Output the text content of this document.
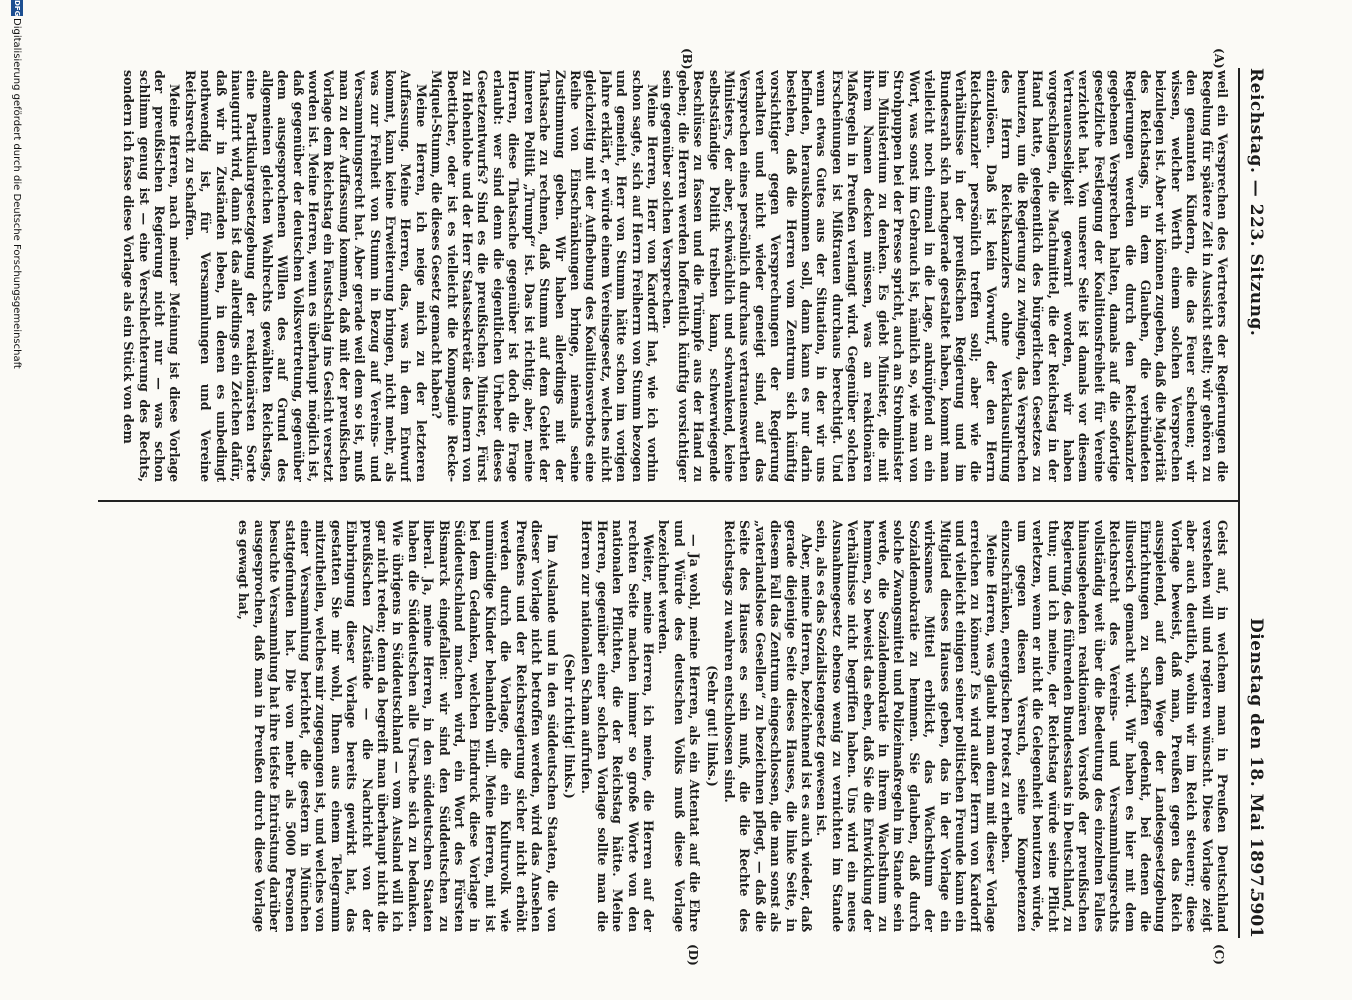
Reichstag. — 223. Sitzung.
Dienstag den 18. Mai 1897.
5901
(A)
(B)
(C)
(D)

weil ein Versprechen des Vertreters der Regierungen die Regelung für spätere Zeit in Aussicht stellt; wir gehören zu den genannten Kindern, die das Feuer scheuen; wir wissen, welcher Werth einem solchen Versprechen beizulegen ist. Aber wir können zugeben, daß die Majorität des Reichstags, in dem Glauben, die verbündeten Regierungen werden die durch den Reichskanzler gegebenen Versprechen halten, damals auf die sofortige gesetzliche Festlegung der Koalitionsfreiheit für Vereine verzichtet hat. Von unserer Seite ist damals vor diesem Vertrauensseligkeit gewarnt worden, wir haben vorgeschlagen, die Machtmittel, die der Reichstag in der Hand hatte, gelegentlich des bürgerlichen Gesetzes zu benutzen, um die Regierung zu zwingen, das Versprechen des Herrn Reichskanzlers ohne Verklausulirung einzulösen. Daß ist kein Vorwurf, der den Herrn Reichskanzler persönlich treffen soll; aber wie die Verhältnisse in der preußischen Regierung und im Bundesrath sich nachgerade gestaltet haben, kommt man vielleicht noch einmal in die Lage, anknüpfend an ein Wort, was sonst im Gebrauch ist, nämlich so, wie man von Strohpuppen bei der Presse spricht, auch an Strohminister im Ministerium zu denken. Es giebt Minister, die mit ihrem Namen decken müssen, was an reaktionären Maßregeln in Preußen verlangt wird. Gegenüber solchen Erscheinungen ist Mißtrauen durchaus berechtigt. Und wenn etwas Gutes aus der Situation, in der wir uns befinden, herauskommen soll, dann kann es nur darin bestehen, daß die Herren vom Zentrum sich künftig vorsichtiger gegen Versprechungen der Regierung verhalten und nicht wieder geneigt sind, auf das Versprechen eines persönlich durchaus vertrauenswerthen Ministers, der aber, schwächlich und schwankend, keine selbstständige Politik treiben kann, schwerwiegende Beschlüsse zu fassen und die Trümpfe aus der Hand zu geben; die Herren werden hoffentlich künftig vorsichtiger sein gegenüber solchen Versprechen.

Meine Herren, Herr von Kardorff hat, wie ich vorhin schon sagte, sich auf Herrn Freiherrn von Stumm bezogen und gemeint, Herr von Stumm hätte schon im vorigen Jahre erklärt, er würde einem Vereinsgesetz, welches nicht gleichzeitig mit der Aufhebung des Koalitionsverbots eine Reihe von Einschränkungen bringe, niemals seine Zustimmung geben. Wir haben allerdings mit der Thatsache zu rechnen, daß Stumm auf dem Gebiet der inneren Politik „Trumpf“ ist. Das ist richtig; aber, meine Herren, diese Thatsache gegenüber ist doch die Frage erlaubt: wer sind denn die eigentlichen Urheber dieses Gesetzentwurfs? Sind es die preußischen Minister, Fürst zu Hohenlohe und der Herr Staatssekretär des Innern von Boetticher, oder ist es vielleicht die Kompagnie Recke-Miquel-Stumm, die dieses Gesetz gemacht haben?

Meine Herren, ich neige mich zu der letzteren Auffassung. Meine Herren, das, was in dem Entwurf kommt, kann keine Erweiterung bringen, nicht mehr, als was zur Freiheit von Stumm in Bezug auf Vereins- und Versammlungsrecht hat. Aber gerade weil dem so ist, muß man zu der Auffassung kommen, daß mit der preußischen Vorlage dem Reichstag ein Faustschlag ins Gesicht versetzt worden ist. Meine Herren, wenn es überhaupt möglich ist, daß gegenüber der deutschen Volksvertretung, gegenüber dem ausgesprochenen Willen des auf Grund des allgemeinen gleichen Wahlrechts gewählten Reichstags, eine Partikulargesetzgebung der reaktionärsten Sorte inaugurirt wird, dann ist das allerdings ein Zeichen dafür, daß wir in Zuständen leben, in denen es unbedingt nothwendig ist, für Versammlungen und Vereine Reichsrecht zu schaffen.

Meine Herren, nach meiner Meinung ist diese Vorlage der preußischen Regierung nicht nur — was schon schlimm genug ist — eine Verschlechterung des Rechts, sondern ich fasse diese Vorlage als ein Stück von dem

Geist auf, in welchem man in Preußen Deutschland verstehen will und regieren wünscht. Diese Vorlage zeigt aber auch deutlich, wohin wir im Reich steuern; diese Vorlage beweist, daß man, Preußen gegen das Reich ausspielend, auf dem Wege der Landesgesetzgebung Einrichtungen zu schaffen gedenkt, bei denen die illusorisch gemacht wird. Wir haben es hier mit dem Reichsrecht des Vereins- und Versammlungsrechts vollständig weit über die Bedeutung des einzelnen Falles hinausgehenden reaktionären Vorstoß der preußischen Regierung, des führenden Bundesstaats in Deutschland, zu thun; und ich meine, der Reichstag würde seine Pflicht verletzen, wenn er nicht die Gelegenheit benutzen würde, um gegen diesen Versuch, seine Kompetenzen einzuschränken, energischen Protest zu erheben.

Meine Herren, was glaubt man denn mit dieser Vorlage erreichen zu können? Es wird außer Herrn von Kardorff und vielleicht einigen seiner politischen Freunde kann ein Mitglied dieses Hauses geben, das in der Vorlage ein wirksames Mittel erblickt, das Wachsthum der Sozialdemokratie zu hemmen. Sie glauben, daß durch solche Zwangsmittel und Polizeimaßregeln im Stande sein werde, die Sozialdemokratie in ihrem Wachsthum zu hemmen, so beweist das eben, daß Sie die Entwicklung der Verhältnisse nicht begriffen haben. Uns wird ein neues Ausnahmegesetz ebenso wenig zu vernichten im Stande sein, als es das Sozialistengesetz gewesen ist.

Aber, meine Herren, bezeichnend ist es auch wieder, daß gerade diejenige Seite dieses Hauses, die linke Seite, in diesem Fall das Zentrum eingeschlossen, die man sonst als „vaterlandslose Gesellen“ zu bezeichnen pflegt, — daß die Seite des Hauses es sein muß, die die Rechte des Reichstags zu wahren entschlossen sind.

(Sehr gut! links.)

— Ja wohl, meine Herren, als ein Attentat auf die Ehre und Würde des deutschen Volks muß diese Vorlage bezeichnet werden.

Weiter, meine Herren, ich meine, die Herren auf der rechten Seite machen immer so große Worte von den nationalen Pflichten, die der Reichstag hätte. Meine Herren, gegenüber einer solchen Vorlage sollte man die Herren zur nationalen Scham aufrufen.

(Sehr richtig! links.)

Im Auslande und in den süddeutschen Staaten, die von dieser Vorlage nicht betroffen werden, wird das Ansehen Preußens und der Reichsregierung sicher nicht erhöht werden durch die Vorlage, die ein Kulturvolk wie unmündige Kinder behandeln will. Meine Herren, mit ist bei dem Gedanken, welchen Eindruck diese Vorlage in Süddeutschland machen wird, ein Wort des Fürsten Bismarck eingefallen: wir sind den Süddeutschen zu liberal. Ja, meine Herren, in den süddeutschen Staaten haben die Süddeutschen alle Ursache sich zu bedanken. Wie übrigens in Süddeutschland — vom Ausland will ich gar nicht reden; denn da begreift man überhaupt nicht die preußischen Zustände — die Nachricht von der Einbringung dieser Vorlage bereits gewirkt hat, das gestatten Sie mir wohl, Ihnen aus einem Telegramm mitzutheilen, welches mir zugegangen ist, und welches von einer Versammlung berichtet, die gestern in München stattgefunden hat. Die von mehr als 5000 Personen besuchte Versammlung hat ihre tiefste Entrüstung darüber ausgesprochen, daß man in Preußen durch diese Vorlage es gewagt hat,

DFG
Digitalisierung gefördert durch die Deutsche Forschungsgemeinschaft
